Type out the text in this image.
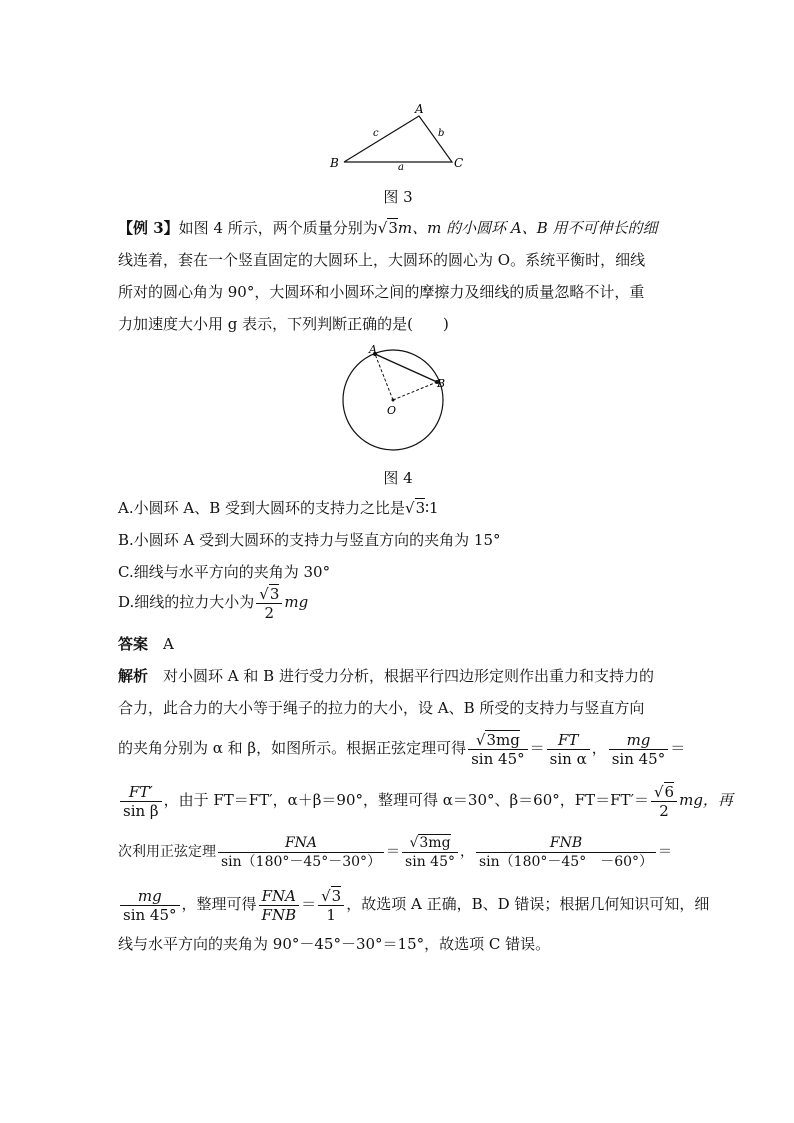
A
B	C
c	b
a
图 3
【例 3】如图 4 所示，两个质量分别为√3m、m 的小圆环 A、B 用不可伸长的细
线连着，套在一个竖直固定的大圆环上，大圆环的圆心为 O。系统平衡时，细线
所对的圆心角为 90°，大圆环和小圆环之间的摩擦力及细线的质量忽略不计，重
力加速度大小用 g 表示，下列判断正确的是(　　)
A
B
O
图 4
A.小圆环 A、B 受到大圆环的支持力之比是√3∶1
B.小圆环 A 受到大圆环的支持力与竖直方向的夹角为 15°
C.细线与水平方向的夹角为 30°
D.细线的拉力大小为 $\frac{√3}{2}$ mg
答案　 A
解析　 对小圆环 A 和 B 进行受力分析，根据平行四边形定则作出重力和支持力的
合力，此合力的大小等于绳子的拉力的大小，设 A、B 所受的支持力与竖直方向
的夹角分别为 α 和 β，如图所示。根据正弦定理可得 $\frac{√3mg}{\sin 45^\circ} = \frac{FT}{\text{sin α}}$ ， $\frac{mg}{\sin 45^\circ}$ ＝
$\frac{FT'}{\text{sin β}}$ ，由于 FT＝FT′，α＋β＝90°，整理可得 α＝30°、β＝60°，$FT=FT'= \frac{√6}{2}$ mg，再
次利用正弦定理 $\frac{\text{FNA}}{\sin(180^\circ-45^\circ-30^\circ)} = \frac{√3mg}{\sin 45^\circ}$ ， $\frac{\text{FNB}}{\sin(180^\circ-45^\circ -60^\circ)}$ ＝
$\frac{mg}{\sin 45^\circ}$ ，整理可得 $\frac{\text{FNA}}{\text{FNB}} = \frac{√3}{1}$ ，故选项 A 正确，B、D 错误；根据几何知识可知，细
线与水平方向的夹角为 90°－45°－30°＝15°，故选项 C 错误。
